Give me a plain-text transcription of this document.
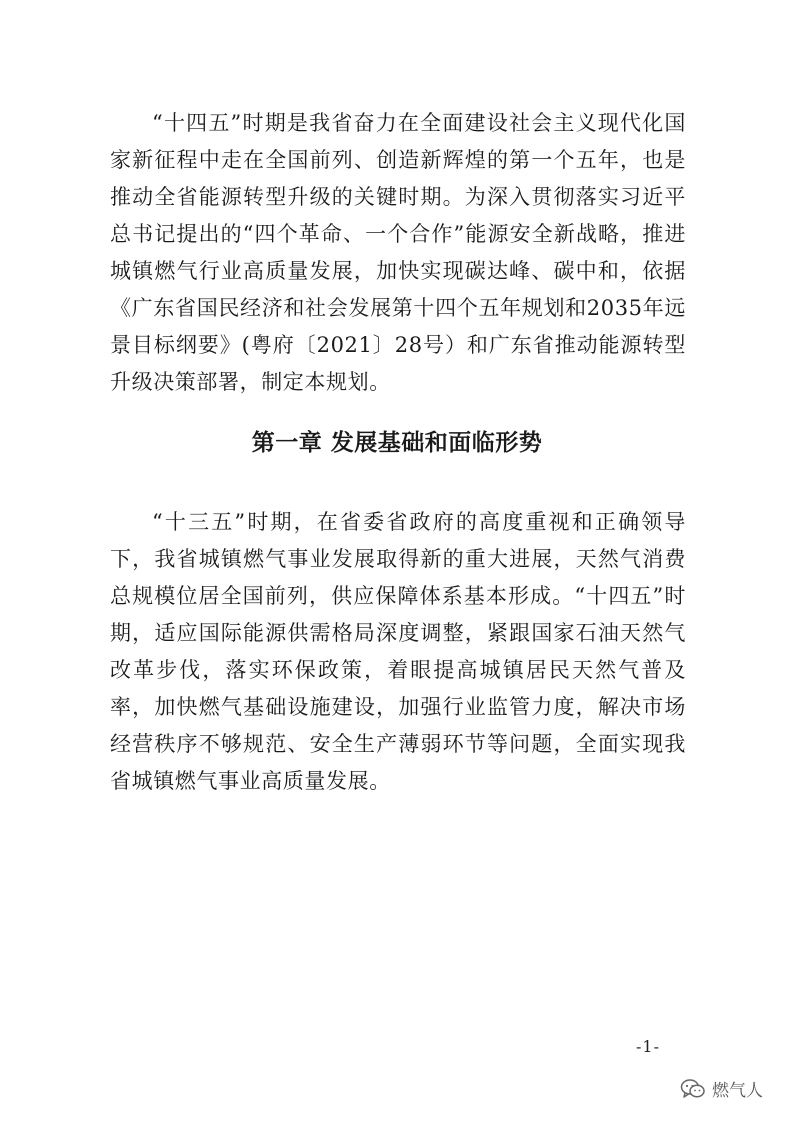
“十四五”时期是我省奋力在全面建设社会主义现代化国家新征程中走在全国前列、创造新辉煌的第一个五年，也是推动全省能源转型升级的关键时期。为深入贯彻落实习近平总书记提出的“四个革命、一个合作”能源安全新战略，推进城镇燃气行业高质量发展，加快实现碳达峰、碳中和，依据《广东省国民经济和社会发展第十四个五年规划和2035年远景目标纲要》(粤府〔2021〕28号）和广东省推动能源转型升级决策部署，制定本规划。

第一章 发展基础和面临形势

“十三五”时期，在省委省政府的高度重视和正确领导下，我省城镇燃气事业发展取得新的重大进展，天然气消费总规模位居全国前列，供应保障体系基本形成。“十四五”时期，适应国际能源供需格局深度调整，紧跟国家石油天然气改革步伐，落实环保政策，着眼提高城镇居民天然气普及率，加快燃气基础设施建设，加强行业监管力度，解决市场经营秩序不够规范、安全生产薄弱环节等问题，全面实现我省城镇燃气事业高质量发展。

-1-
燃气人
